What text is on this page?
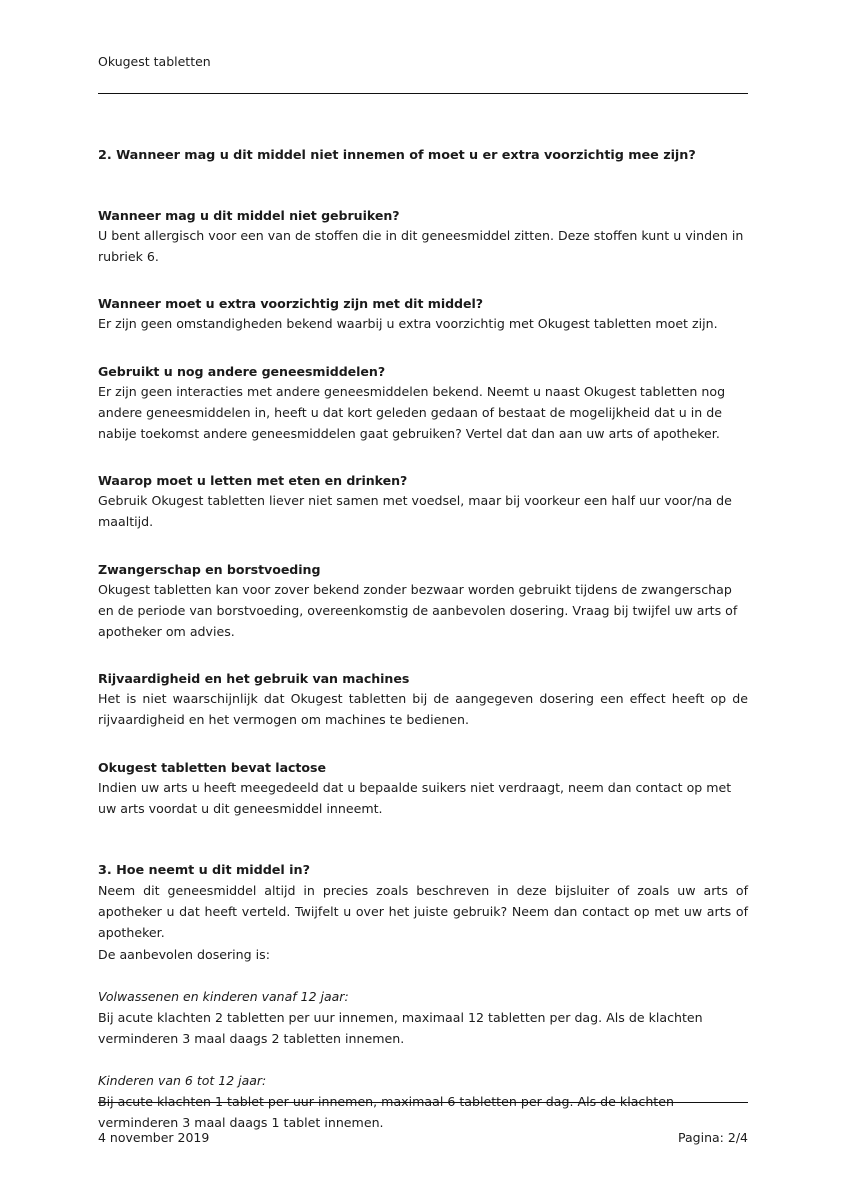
Okugest tabletten
2. Wanneer mag u dit middel niet innemen of moet u er extra voorzichtig mee zijn?
Wanneer mag u dit middel niet gebruiken?

U bent allergisch voor een van de stoffen die in dit geneesmiddel zitten. Deze stoffen kunt u vinden in rubriek 6.

Wanneer moet u extra voorzichtig zijn met dit middel?

Er zijn geen omstandigheden bekend waarbij u extra voorzichtig met Okugest tabletten moet zijn.

Gebruikt u nog andere geneesmiddelen?

Er zijn geen interacties met andere geneesmiddelen bekend. Neemt u naast Okugest tabletten nog andere geneesmiddelen in, heeft u dat kort geleden gedaan of bestaat de mogelijkheid dat u in de nabije toekomst andere geneesmiddelen gaat gebruiken? Vertel dat dan aan uw arts of apotheker.

Waarop moet u letten met eten en drinken?

Gebruik Okugest tabletten liever niet samen met voedsel, maar bij voorkeur een half uur voor/na de maaltijd.

Zwangerschap en borstvoeding

Okugest tabletten kan voor zover bekend zonder bezwaar worden gebruikt tijdens de zwangerschap en de periode van borstvoeding, overeenkomstig de aanbevolen dosering. Vraag bij twijfel uw arts of apotheker om advies.

Rijvaardigheid en het gebruik van machines

Het is niet waarschijnlijk dat Okugest tabletten bij de aangegeven dosering een effect heeft op de rijvaardigheid en het vermogen om machines te bedienen.

Okugest tabletten bevat lactose

Indien uw arts u heeft meegedeeld dat u bepaalde suikers niet verdraagt, neem dan contact op met uw arts voordat u dit geneesmiddel inneemt.

3. Hoe neemt u dit middel in?

Neem dit geneesmiddel altijd in precies zoals beschreven in deze bijsluiter of zoals uw arts of apotheker u dat heeft verteld. Twijfelt u over het juiste gebruik? Neem dan contact op met uw arts of apotheker.

De aanbevolen dosering is:

Volwassenen en kinderen vanaf 12 jaar:

Bij acute klachten 2 tabletten per uur innemen, maximaal 12 tabletten per dag. Als de klachten verminderen 3 maal daags 2 tabletten innemen.

Kinderen van 6 tot 12 jaar:

Bij acute klachten 1 tablet per uur innemen, maximaal 6 tabletten per dag. Als de klachten verminderen 3 maal daags 1 tablet innemen.

4 november 2019	Pagina: 2/4
